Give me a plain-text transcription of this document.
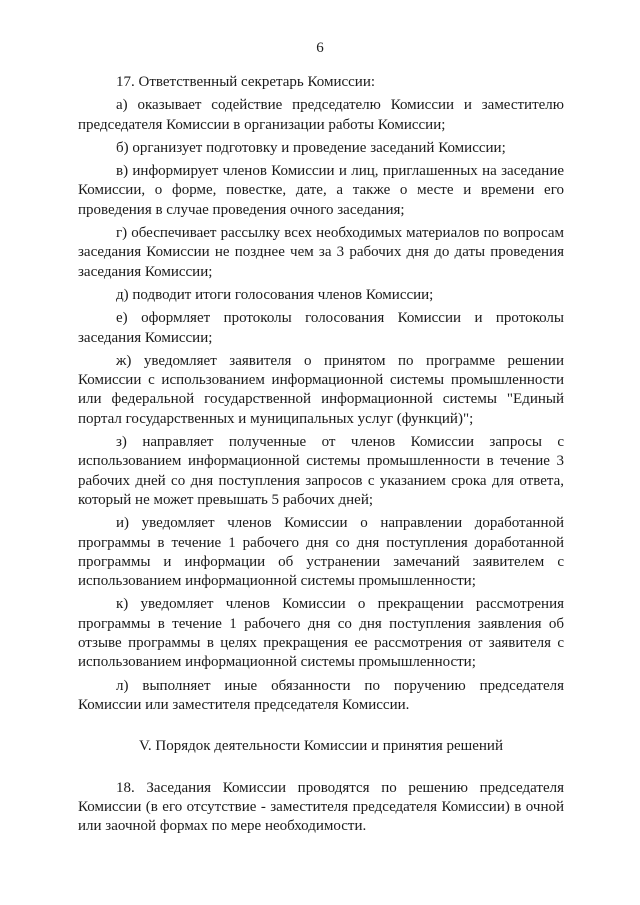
6

17. Ответственный секретарь Комиссии:

а) оказывает содействие председателю Комиссии и заместителю председателя Комиссии в организации работы Комиссии;

б) организует подготовку и проведение заседаний Комиссии;

в) информирует членов Комиссии и лиц, приглашенных на заседание Комиссии, о форме, повестке, дате, а также о месте и времени его проведения в случае проведения очного заседания;

г) обеспечивает рассылку всех необходимых материалов по вопросам заседания Комиссии не позднее чем за 3 рабочих дня до даты проведения заседания Комиссии;

д) подводит итоги голосования членов Комиссии;

е) оформляет протоколы голосования Комиссии и протоколы заседания Комиссии;

ж) уведомляет заявителя о принятом по программе решении Комиссии с использованием информационной системы промышленности или федеральной государственной информационной системы "Единый портал государственных и муниципальных услуг (функций)";

з) направляет полученные от членов Комиссии запросы с использованием информационной системы промышленности в течение 3 рабочих дней со дня поступления запросов с указанием срока для ответа, который не может превышать 5 рабочих дней;

и) уведомляет членов Комиссии о направлении доработанной программы в течение 1 рабочего дня со дня поступления доработанной программы и информации об устранении замечаний заявителем с использованием информационной системы промышленности;

к) уведомляет членов Комиссии о прекращении рассмотрения программы в течение 1 рабочего дня со дня поступления заявления об отзыве программы в целях прекращения ее рассмотрения от заявителя с использованием информационной системы промышленности;

л) выполняет иные обязанности по поручению председателя Комиссии или заместителя председателя Комиссии.

V. Порядок деятельности Комиссии и принятия решений

18. Заседания Комиссии проводятся по решению председателя Комиссии (в его отсутствие - заместителя председателя Комиссии) в очной или заочной формах по мере необходимости.
